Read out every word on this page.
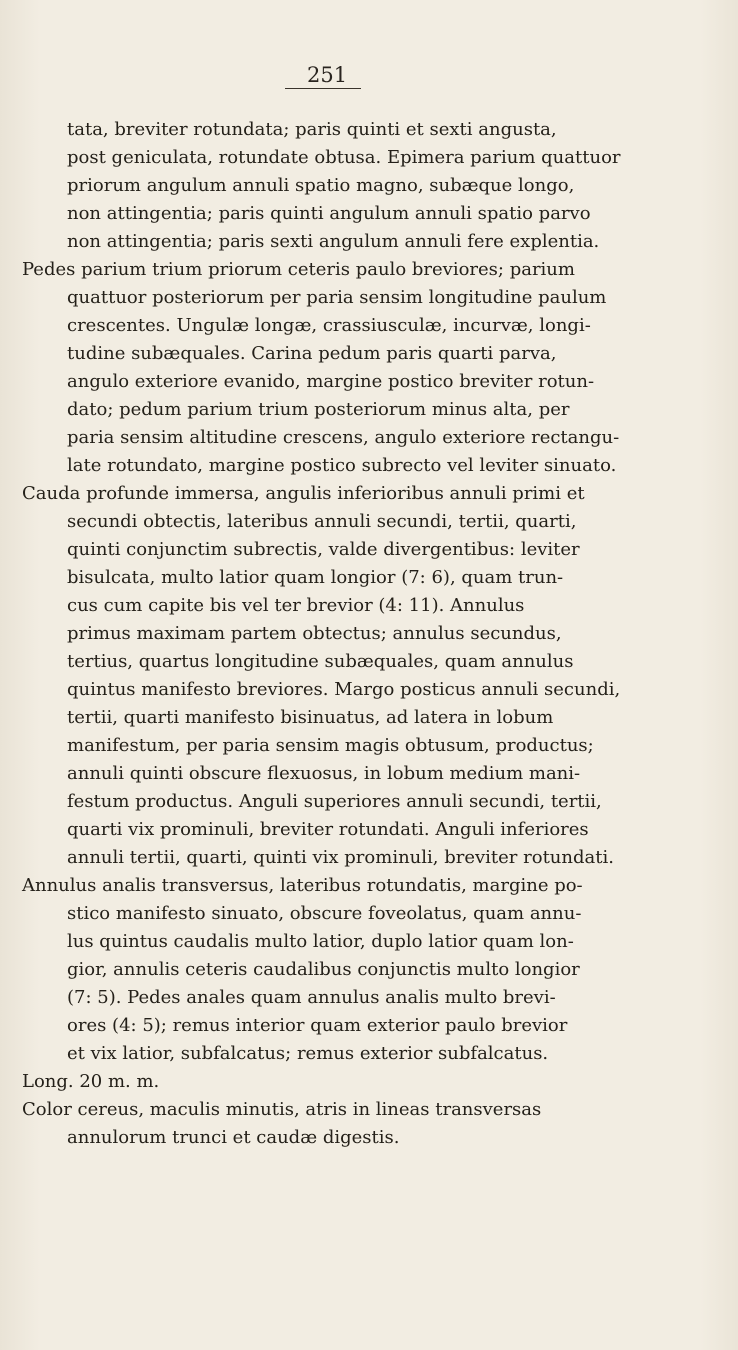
251
tata, breviter rotundata; paris quinti et sexti angusta,
post geniculata, rotundate obtusa. Epimera parium quattuor
priorum angulum annuli spatio magno, subæque longo,
non attingentia; paris quinti angulum annuli spatio parvo
non attingentia; paris sexti angulum annuli fere explentia.
Pedes parium trium priorum ceteris paulo breviores; parium
quattuor posteriorum per paria sensim longitudine paulum
crescentes. Ungulæ longæ, crassiusculæ, incurvæ, longi-
tudine subæquales. Carina pedum paris quarti parva,
angulo exteriore evanido, margine postico breviter rotun-
dato; pedum parium trium posteriorum minus alta, per
paria sensim altitudine crescens, angulo exteriore rectangu-
late rotundato, margine postico subrecto vel leviter sinuato.
Cauda profunde immersa, angulis inferioribus annuli primi et
secundi obtectis, lateribus annuli secundi, tertii, quarti,
quinti conjunctim subrectis, valde divergentibus: leviter
bisulcata, multo latior quam longior (7: 6), quam trun-
cus cum capite bis vel ter brevior (4: 11). Annulus
primus maximam partem obtectus; annulus secundus,
tertius, quartus longitudine subæquales, quam annulus
quintus manifesto breviores. Margo posticus annuli secundi,
tertii, quarti manifesto bisinuatus, ad latera in lobum
manifestum, per paria sensim magis obtusum, productus;
annuli quinti obscure flexuosus, in lobum medium mani-
festum productus. Anguli superiores annuli secundi, tertii,
quarti vix prominuli, breviter rotundati. Anguli inferiores
annuli tertii, quarti, quinti vix prominuli, breviter rotundati.
Annulus analis transversus, lateribus rotundatis, margine po-
stico manifesto sinuato, obscure foveolatus, quam annu-
lus quintus caudalis multo latior, duplo latior quam lon-
gior, annulis ceteris caudalibus conjunctis multo longior
(7: 5). Pedes anales quam annulus analis multo brevi-
ores (4: 5); remus interior quam exterior paulo brevior
et vix latior, subfalcatus; remus exterior subfalcatus.
Long. 20 m. m.
Color cereus, maculis minutis, atris in lineas transversas
annulorum trunci et caudæ digestis.
